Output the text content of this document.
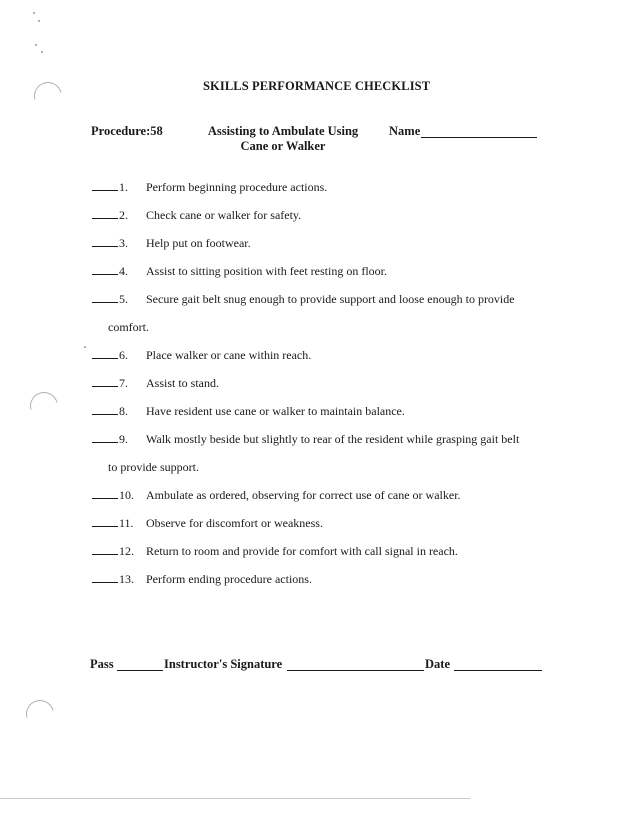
SKILLS PERFORMANCE CHECKLIST
Procedure:58	Assisting to Ambulate Using Cane or Walker
Name
1. Perform beginning procedure actions.
2. Check cane or walker for safety.
3. Help put on footwear.
4. Assist to sitting position with feet resting on floor.
5. Secure gait belt snug enough to provide support and loose enough to provide
comfort.
6. Place walker or cane within reach.
7. Assist to stand.
8. Have resident use cane or walker to maintain balance.
9. Walk mostly beside but slightly to rear of the resident while grasping gait belt
to provide support.
10. Ambulate as ordered, observing for correct use of cane or walker.
11. Observe for discomfort or weakness.
12. Return to room and provide for comfort with call signal in reach.
13. Perform ending procedure actions.
Pass	Instructor's Signature	Date
